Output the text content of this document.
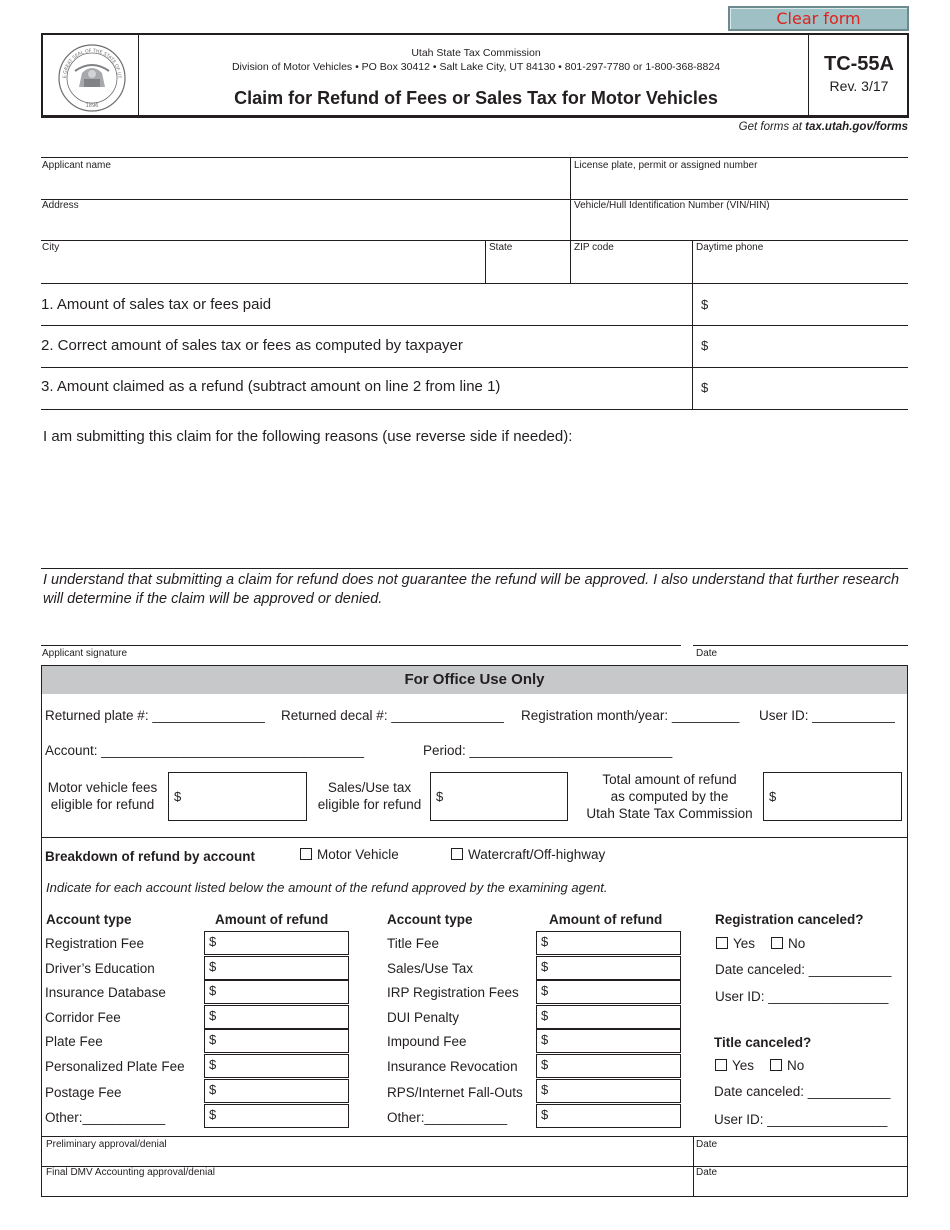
Clear form
1896
E GREAT SEAL OF THE STATE OF UT
Utah State Tax Commission
Division of Motor Vehicles • PO Box 30412 • Salt Lake City, UT 84130 • 801-297-7780 or 1-800-368-8824
Claim for Refund of Fees or Sales Tax for Motor Vehicles
TC-55A
Rev. 3/17
Get forms at tax.utah.gov/forms
Applicant name	License plate, permit or assigned number
Address	Vehicle/Hull Identification Number (VIN/HIN)
City	State	ZIP code	Daytime phone
1. Amount of sales tax or fees paid	$
2. Correct amount of sales tax or fees as computed by taxpayer	$
3. Amount claimed as a refund (subtract amount on line 2 from line 1)	$
I am submitting this claim for the following reasons (use reverse side if needed):
I understand that submitting a claim for refund does not guarantee the refund will be approved. I also understand that further research will determine if the claim will be approved or denied.
Applicant signature	Date
For Office Use Only
Returned plate #: _______________ Returned decal #: _______________ Registration month/year: _________ User ID: ___________
Account: ___________________________________	Period: ___________________________
Motor vehicle fees
eligible for refund
$
Sales/Use tax
eligible for refund
$
Total amount of refund
as computed by the
Utah State Tax Commission
$
Breakdown of refund by account	Motor Vehicle	Watercraft/Off-highway
Indicate for each account listed below the amount of the refund approved by the examining agent.
Account type	Amount of refund	Account type	Amount of refund	Registration canceled?
Registration Fee	$
Driver’s Education	$
Insurance Database	$
Corridor Fee	$
Plate Fee	$
Personalized Plate Fee	$
Postage Fee	$
Other:___________	$
Title Fee	$
Sales/Use Tax	$
IRP Registration Fees	$
DUI Penalty	$
Impound Fee	$
Insurance Revocation	$
RPS/Internet Fall-Outs	$
Other:___________	$
Yes	No
Date canceled: ___________
User ID: ________________
Title canceled?
Yes	No
Date canceled: ___________
User ID: ________________
Preliminary approval/denial	Date
Final DMV Accounting approval/denial	Date
